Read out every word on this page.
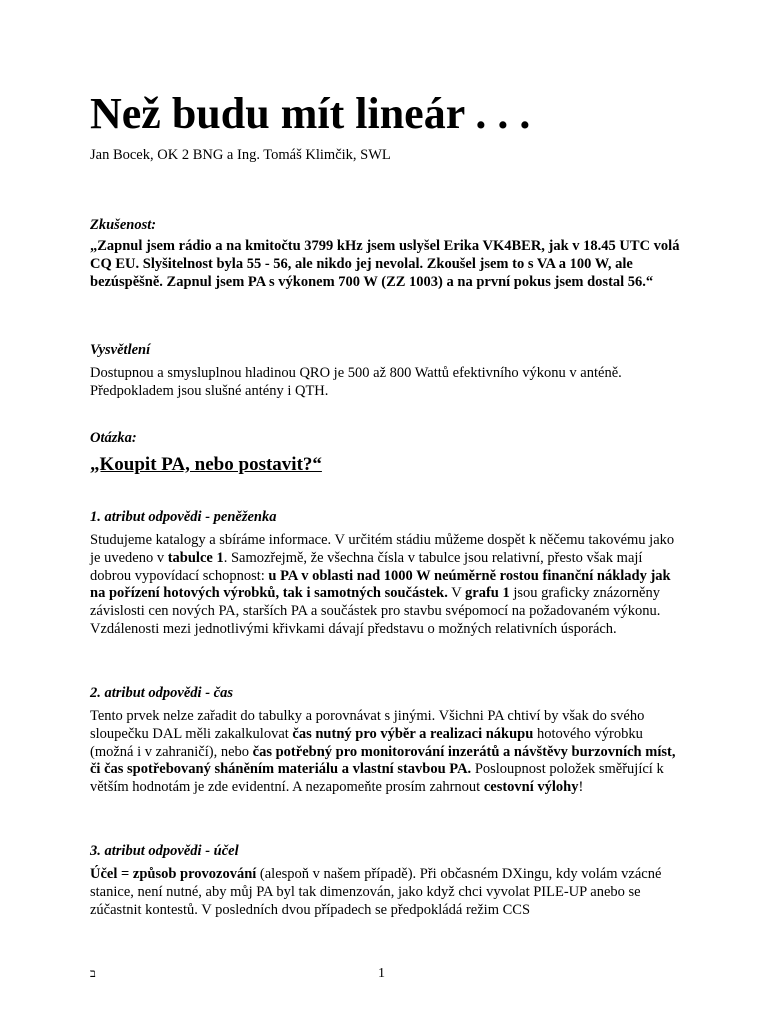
Než budu mít lineár . . .
Jan Bocek, OK 2 BNG a Ing. Tomáš Klimčik, SWL

Zkušenost:

„Zapnul jsem rádio a na kmitočtu 3799 kHz jsem uslyšel Erika VK4BER, jak v 18.45 UTC volá CQ EU. Slyšitelnost byla 55 - 56, ale nikdo jej nevolal. Zkoušel jsem to s VA a 100 W, ale bezúspěšně. Zapnul jsem PA s výkonem 700 W (ZZ 1003) a na první pokus jsem dostal 56.“

Vysvětlení

Dostupnou a smysluplnou hladinou QRO je 500 až 800 Wattů efektivního výkonu v anténě. Předpokladem jsou slušné antény i QTH.

Otázka:

„Koupit PA, nebo postavit?“

1. atribut odpovědi - peněženka

Studujeme katalogy a sbíráme informace. V určitém stádiu můžeme dospět k něčemu takovému jako je uvedeno v tabulce 1. Samozřejmě, že všechna čísla v tabulce jsou relativní, přesto však mají dobrou vypovídací schopnost: u PA v oblasti nad 1000 W neúměrně rostou finanční náklady jak na pořízení hotových výrobků, tak i samotných součástek. V grafu 1 jsou graficky znázorněny závislosti cen nových PA, starších PA a součástek pro stavbu svépomocí na požadovaném výkonu. Vzdálenosti mezi jednotlivými křivkami dávají představu o možných relativních úsporách.

2. atribut odpovědi - čas

Tento prvek nelze zařadit do tabulky a porovnávat s jinými. Všichni PA chtiví by však do svého sloupečku DAL měli zakalkulovat čas nutný pro výběr a realizaci nákupu hotového výrobku (možná i v zahraničí), nebo čas potřebný pro monitorování inzerátů a návštěvy burzovních míst, či čas spotřebovaný sháněním materiálu a vlastní stavbou PA. Posloupnost položek směřující k větším hodnotám je zde evidentní. A nezapomeňte prosím zahrnout cestovní výlohy!

3. atribut odpovědi - účel

Účel = způsob provozování (alespoň v našem případě). Při občasném DXingu, kdy volám vzácné stanice, není nutné, aby můj PA byl tak dimenzován, jako když chci vyvolat PILE-UP anebo se zúčastnit kontestů. V posledních dvou případech se předpokládá režim CCS

ב	1
